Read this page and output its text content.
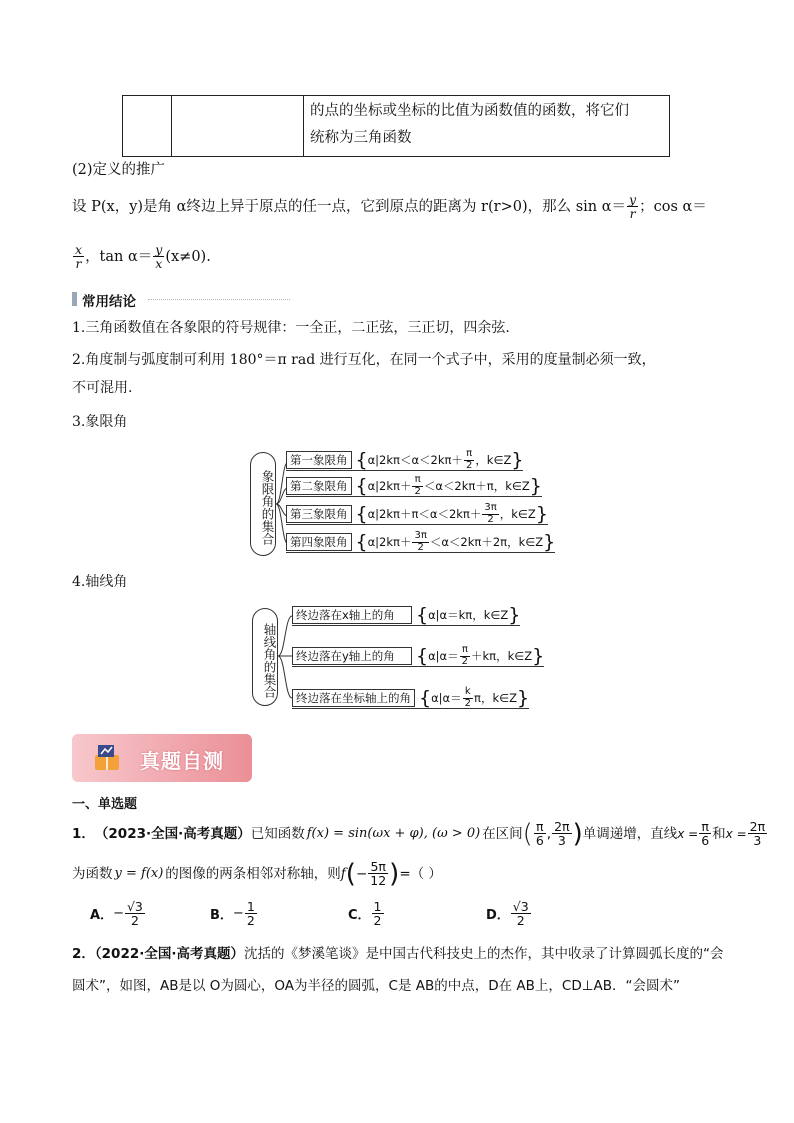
的点的坐标或坐标的比值为函数值的函数，将它们
统称为三角函数
(2)定义的推广
设 P(x，y)是角 α终边上异于原点的任一点，它到原点的距离为 r(r>0)，那么 $\sin \alpha= \frac{y}{r}$ ；cos α＝
$\frac{x}{r}$ ，$\tan \alpha= \frac{y}{x} (x\ne 0)$.
常用结论
1.三角函数值在各象限的符号规律：一全正，二正弦，三正切，四余弦.
2.角度制与弧度制可利用 180°＝π rad 进行互化，在同一个式子中，采用的度量制必须一致，
不可混用.
3.象限角
象限角的集合
第一象限角 { $\alpha|2k\pi<\alpha<2k\pi+ \frac{\pi}{2}$ ，k∈Z }
第二象限角 { $\alpha|2k\pi+ \frac{\pi}{2} <\alpha<2k\pi+\pi$，k∈Z }
第三象限角 { $\alpha|2k\pi+\pi<\alpha<2k\pi+ \frac{3\pi}{2}$ ，k∈Z }
第四象限角 { $\alpha|2k\pi+ \frac{3\pi}{2} <\alpha<2k\pi+2\pi$，k∈Z }
4.轴线角
轴线角的集合
终边落在x轴上的角	{ α|α＝kπ，k∈Z }
终边落在y轴上的角	{ $\alpha|\alpha= \frac{\pi}{2} +k\pi$，k∈Z }
终边落在坐标轴上的角 { $\alpha|\alpha= \frac{k}{2}$ π，k∈Z }
真题自测
一、单选题
1． （2023·全国·高考真题） 已知函数 f(x) = sin(ωx + φ), (ω > 0) 在区间 ( $\frac{\pi}{6}$ , $\frac{2\pi}{3}$ ) 单调递增，直线 $x = \frac{\pi}{6}$ 和 $x = \frac{2\pi}{3}$
为函数 y = f(x) 的图像的两条相邻对称轴，则 f ( − $\frac{5\pi}{12}$ ) =（ ）
A． − $\frac{√3}{2}$	B． − $\frac{1}{2}$	C． $\frac{1}{2}$	D． $\frac{√3}{2}$
2．（2022·全国·高考真题）沈括的《梦溪笔谈》是中国古代科技史上的杰作，其中收录了计算圆弧长度的“会
圆术”，如图，AB是以 O为圆心，OA为半径的圆弧，C是 AB的中点，D在 AB上，CD⊥AB．“会圆术”
